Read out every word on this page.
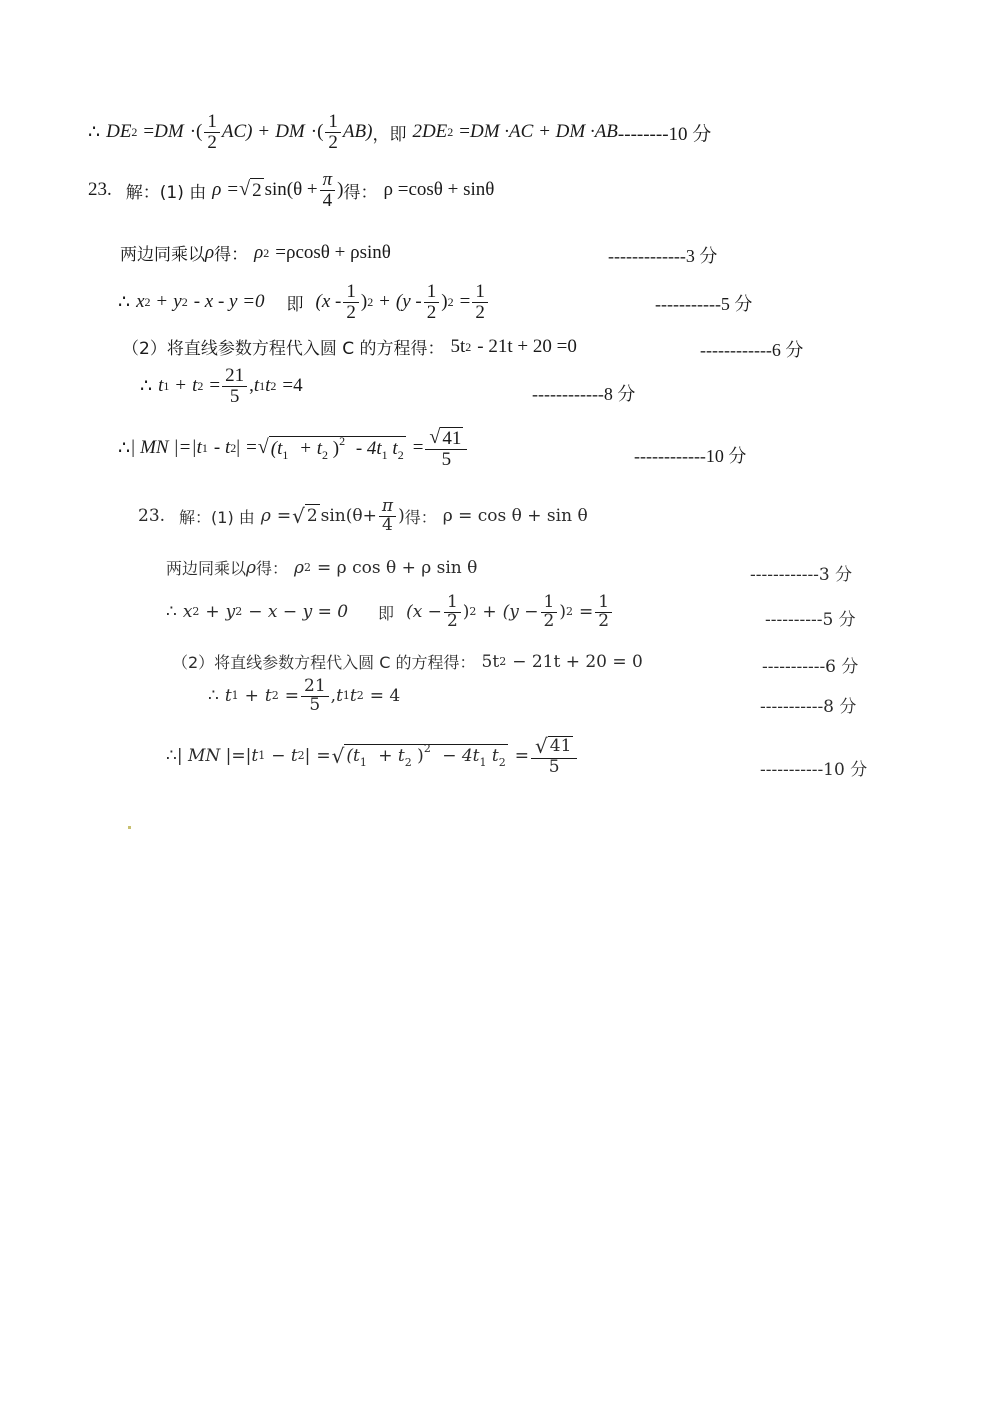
∴ DE 2 = DM ·( $\frac{1}{2} AC$) + DM ·( $\frac{1}{2} AB$) ，即 2DE 2 = DM ·AC + DM ·AB --------10 分
23. 解：(1) 由 ρ = √ 2 $\sin(\theta + \frac{\pi}{4}$ ) 得： ρ =cosθ + sinθ
两边同乘以 ρ 得： ρ 2 =ρcosθ + ρsinθ	-------------3 分
∴ x 2 + y 2 - x - y =0 即 ($x - \frac{1}{2}$ ) $2 + (y - \frac{1}{2}$ ) $2 = \frac{1}{2}$	-----------5 分
（2）将直线参数方程代入圆 C 的方程得： 5t 2 - 21t + 20 =0	------------6 分
∴ t 1 + t $2 = \frac{21}{5}$ , t 1 t 2 =4	------------8 分
∴ | MN |= |t 1 - t 2 | = √ ($t_1 + t_2$ )$^2 - 4t_1$ $t_2 = \frac{√ 41}{5}$	------------10 分
23. 解：(1) 由 ρ = √ 2 $\sin(\theta+ \frac{\pi}{4}$ ) 得： ρ = cos θ + sin θ
两边同乘以 ρ 得： ρ 2 = ρ cos θ + ρ sin θ	------------3 分
∴ x 2 + y 2 − x − y = 0 即 ($x - \frac{1}{2}$ ) $2 + (y - \frac{1}{2}$ ) $2 = \frac{1}{2}$	----------5 分
（2）将直线参数方程代入圆 C 的方程得： 5t 2 − 21t + 20 = 0	-----------6 分
∴ t 1 + t $2 = \frac{21}{5}$ , t 1 t 2 = 4
-----------8 分
∴ | MN |= |t 1 − t 2 | = √ ($t_1 + t_2$ )$^2 - 4t_1$ $t_2 = \frac{√ 41}{5}$	-----------10 分
